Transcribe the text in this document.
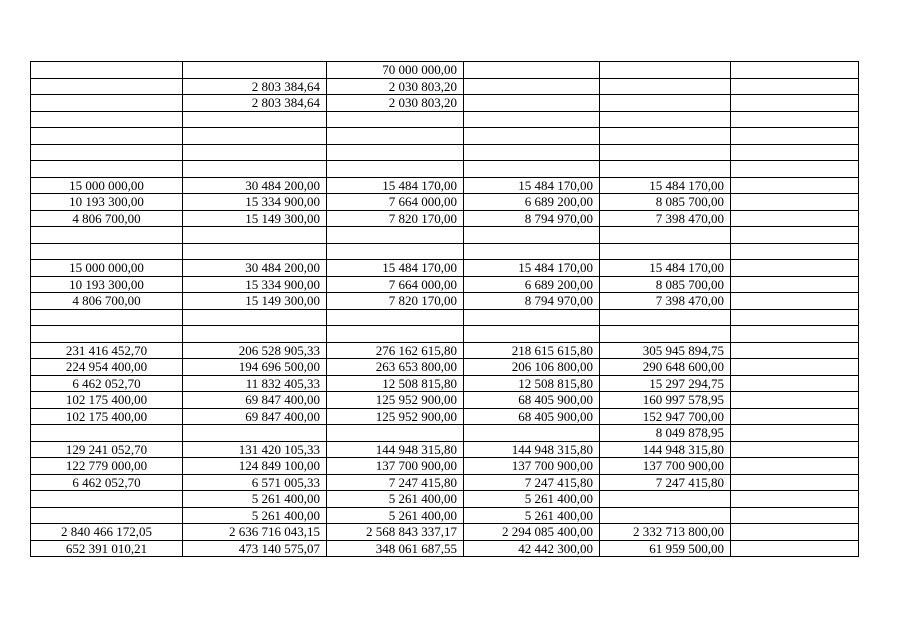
		70 000 000,00			
	2 803 384,64	2 030 803,20			
	2 803 384,64	2 030 803,20			

15 000 000,00	30 484 200,00	15 484 170,00	15 484 170,00	15 484 170,00	
10 193 300,00	15 334 900,00	7 664 000,00	6 689 200,00	8 085 700,00	
4 806 700,00	15 149 300,00	7 820 170,00	8 794 970,00	7 398 470,00	

15 000 000,00	30 484 200,00	15 484 170,00	15 484 170,00	15 484 170,00	
10 193 300,00	15 334 900,00	7 664 000,00	6 689 200,00	8 085 700,00	
4 806 700,00	15 149 300,00	7 820 170,00	8 794 970,00	7 398 470,00	

231 416 452,70	206 528 905,33	276 162 615,80	218 615 615,80	305 945 894,75	
224 954 400,00	194 696 500,00	263 653 800,00	206 106 800,00	290 648 600,00	
6 462 052,70	11 832 405,33	12 508 815,80	12 508 815,80	15 297 294,75	
102 175 400,00	69 847 400,00	125 952 900,00	68 405 900,00	160 997 578,95	
102 175 400,00	69 847 400,00	125 952 900,00	68 405 900,00	152 947 700,00	
				8 049 878,95	
129 241 052,70	131 420 105,33	144 948 315,80	144 948 315,80	144 948 315,80	
122 779 000,00	124 849 100,00	137 700 900,00	137 700 900,00	137 700 900,00	
6 462 052,70	6 571 005,33	7 247 415,80	7 247 415,80	7 247 415,80	
	5 261 400,00	5 261 400,00	5 261 400,00		
	5 261 400,00	5 261 400,00	5 261 400,00		
2 840 466 172,05	2 636 716 043,15	2 568 843 337,17	2 294 085 400,00	2 332 713 800,00	
652 391 010,21	473 140 575,07	348 061 687,55	42 442 300,00	61 959 500,00	
